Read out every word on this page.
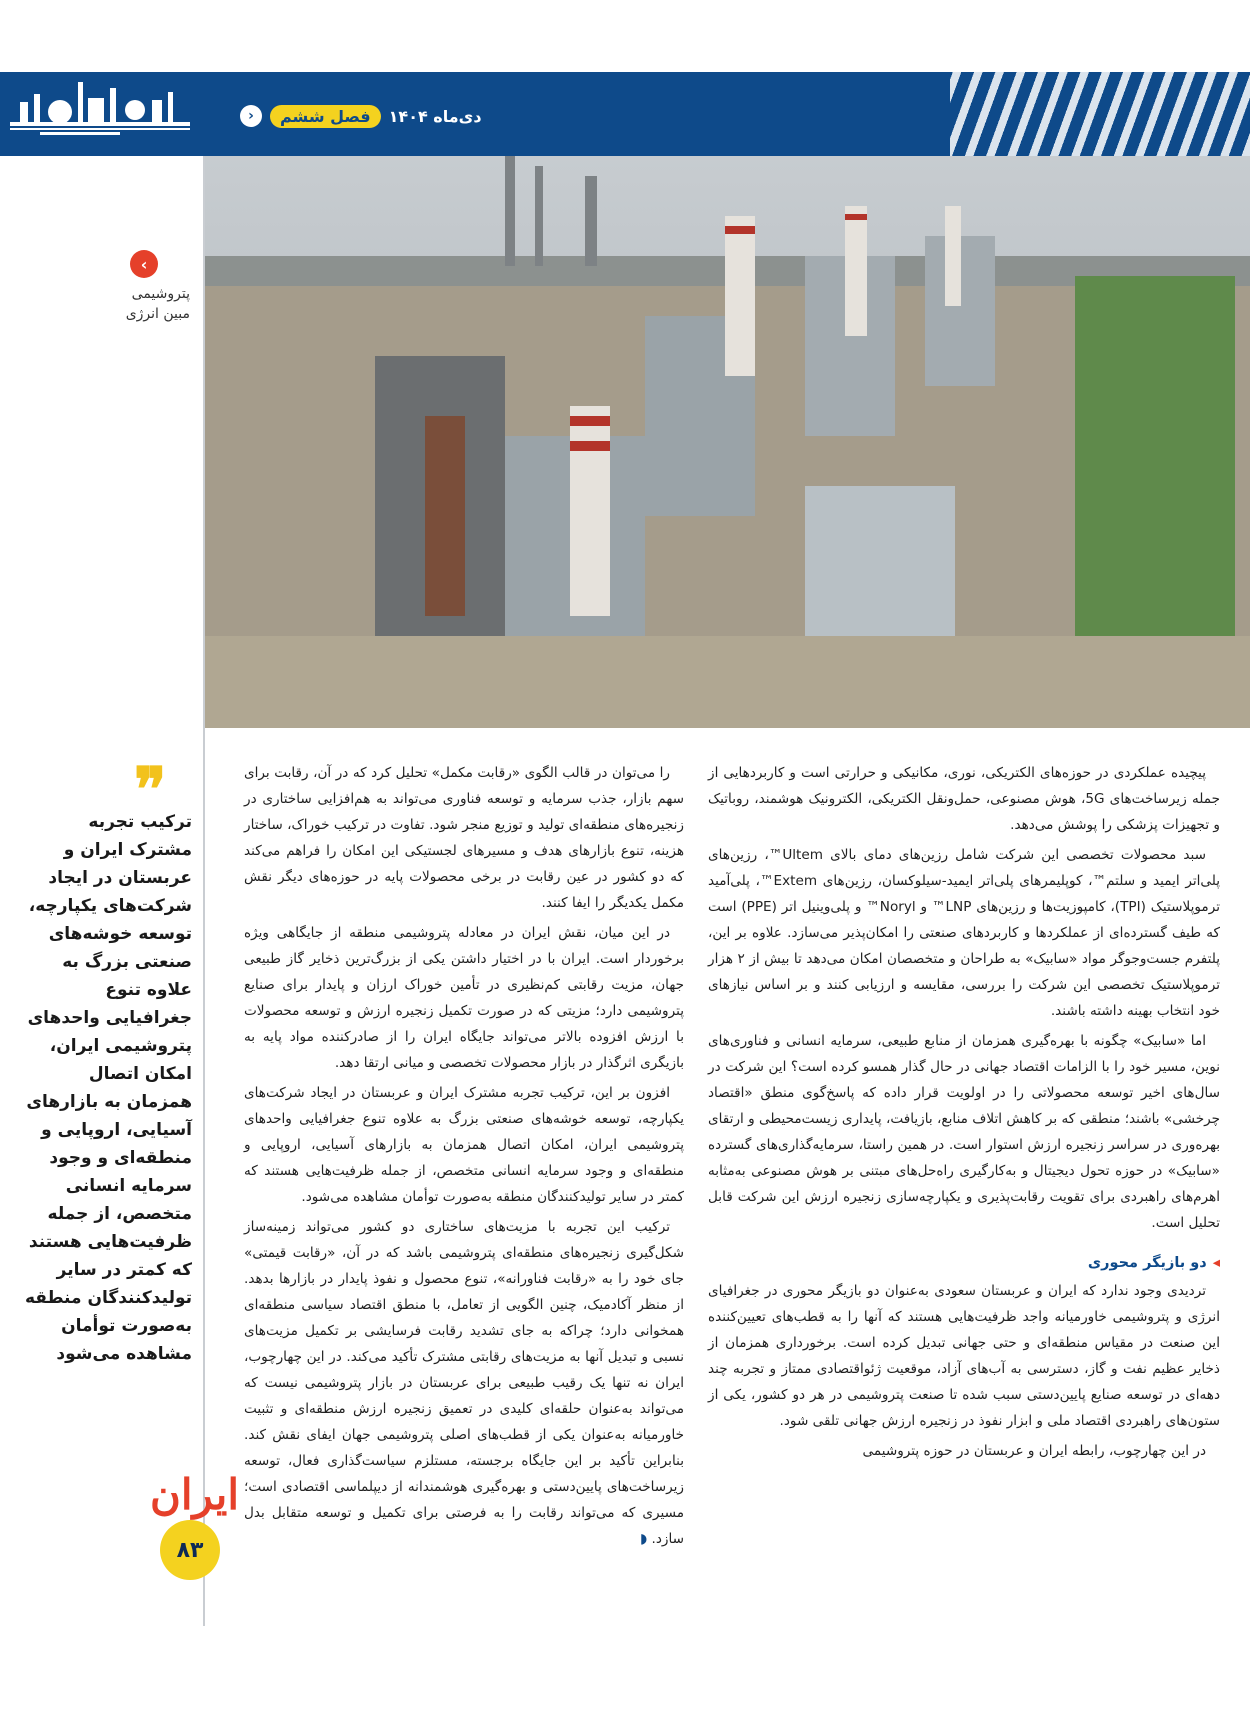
دی‌ماه ۱۴۰۴
فصل ششم
‹
‹
پتروشیمی
مبین انرژی
❞
ترکیب تجربه مشترک ایران و عربستان در ایجاد شرکت‌های یکپارچه، توسعه خوشه‌های صنعتی بزرگ به علاوه تنوع جغرافیایی واحدهای پتروشیمی ایران، امکان اتصال همزمان به بازارهای آسیایی، اروپایی و منطقه‌ای و وجود سرمایه انسانی متخصص، از جمله ظرفیت‌هایی هستند که کمتر در سایر تولیدکنندگان منطقه به‌صورت توأمان مشاهده می‌شود
ایران
۸۳

پیچیده عملکردی در حوزه‌های الکتریکی، نوری، مکانیکی و حرارتی است و کاربردهایی از جمله زیرساخت‌های 5G، هوش مصنوعی، حمل‌ونقل الکتریکی، الکترونیک هوشمند، روباتیک و تجهیزات پزشکی را پوشش می‌دهد.

سبد محصولات تخصصی این شرکت شامل رزین‌های دمای بالای Ultem™، رزین‌های پلی‌اتر ایمید و سلتم™، کوپلیمرهای پلی‌اتر ایمید-سیلوکسان، رزین‌های Extem™، پلی‌آمید ترموپلاستیک (TPI)، کامپوزیت‌ها و رزین‌های LNP™ و Noryl™ و پلی‌وینیل اتر (PPE) است که طیف گسترده‌ای از عملکردها و کاربردهای صنعتی را امکان‌پذیر می‌سازد. علاوه بر این، پلتفرم جست‌وجوگر مواد «سابیک» به طراحان و متخصصان امکان می‌دهد تا بیش از ۲ هزار ترموپلاستیک تخصصی این شرکت را بررسی، مقایسه و ارزیابی کنند و بر اساس نیازهای خود انتخاب بهینه داشته باشند.

اما «سابیک» چگونه با بهره‌گیری همزمان از منابع طبیعی، سرمایه انسانی و فناوری‌های نوین، مسیر خود را با الزامات اقتصاد جهانی در حال گذار همسو کرده است؟ این شرکت در سال‌های اخیر توسعه محصولاتی را در اولویت قرار داده که پاسخ‌گوی منطق «اقتصاد چرخشی» باشند؛ منطقی که بر کاهش اتلاف منابع، بازیافت، پایداری زیست‌محیطی و ارتقای بهره‌وری در سراسر زنجیره ارزش استوار است. در همین راستا، سرمایه‌گذاری‌های گسترده «سابیک» در حوزه تحول دیجیتال و به‌کارگیری راه‌حل‌های مبتنی بر هوش مصنوعی به‌مثابه اهرم‌های راهبردی برای تقویت رقابت‌پذیری و یکپارچه‌سازی زنجیره ارزش این شرکت قابل تحلیل است.

◂دو بازیگر محوری

تردیدی وجود ندارد که ایران و عربستان سعودی به‌عنوان دو بازیگر محوری در جغرافیای انرژی و پتروشیمی خاورمیانه واجد ظرفیت‌هایی هستند که آنها را به قطب‌های تعیین‌کننده این صنعت در مقیاس منطقه‌ای و حتی جهانی تبدیل کرده است. برخورداری همزمان از ذخایر عظیم نفت و گاز، دسترسی به آب‌های آزاد، موقعیت ژئواقتصادی ممتاز و تجربه چند دهه‌ای در توسعه صنایع پایین‌دستی سبب شده تا صنعت پتروشیمی در هر دو کشور، یکی از ستون‌های راهبردی اقتصاد ملی و ابزار نفوذ در زنجیره ارزش جهانی تلقی شود.

در این چهارچوب، رابطه ایران و عربستان در حوزه پتروشیمی

را می‌توان در قالب الگوی «رقابت مکمل» تحلیل کرد که در آن، رقابت برای سهم بازار، جذب سرمایه و توسعه فناوری می‌تواند به هم‌افزایی ساختاری در زنجیره‌های منطقه‌ای تولید و توزیع منجر شود. تفاوت در ترکیب خوراک، ساختار هزینه، تنوع بازارهای هدف و مسیرهای لجستیکی این امکان را فراهم می‌کند که دو کشور در عین رقابت در برخی محصولات پایه در حوزه‌های دیگر نقش مکمل یکدیگر را ایفا کنند.

در این میان، نقش ایران در معادله پتروشیمی منطقه از جایگاهی ویژه برخوردار است. ایران با در اختیار داشتن یکی از بزرگ‌ترین ذخایر گاز طبیعی جهان، مزیت رقابتی کم‌نظیری در تأمین خوراک ارزان و پایدار برای صنایع پتروشیمی دارد؛ مزیتی که در صورت تکمیل زنجیره ارزش و توسعه محصولات با ارزش افزوده بالاتر می‌تواند جایگاه ایران را از صادرکننده مواد پایه به بازیگری اثرگذار در بازار محصولات تخصصی و میانی ارتقا دهد.

افزون بر این، ترکیب تجربه مشترک ایران و عربستان در ایجاد شرکت‌های یکپارچه، توسعه خوشه‌های صنعتی بزرگ به علاوه تنوع جغرافیایی واحدهای پتروشیمی ایران، امکان اتصال همزمان به بازارهای آسیایی، اروپایی و منطقه‌ای و وجود سرمایه انسانی متخصص، از جمله ظرفیت‌هایی هستند که کمتر در سایر تولیدکنندگان منطقه به‌صورت توأمان مشاهده می‌شود.

ترکیب این تجربه با مزیت‌های ساختاری دو کشور می‌تواند زمینه‌ساز شکل‌گیری زنجیره‌های منطقه‌ای پتروشیمی باشد که در آن، «رقابت قیمتی» جای خود را به «رقابت فناورانه»، تنوع محصول و نفوذ پایدار در بازارها بدهد. از منظر آکادمیک، چنین الگویی از تعامل، با منطق اقتصاد سیاسی منطقه‌ای همخوانی دارد؛ چراکه به جای تشدید رقابت فرسایشی بر تکمیل مزیت‌های نسبی و تبدیل آنها به مزیت‌های رقابتی مشترک تأکید می‌کند. در این چهارچوب، ایران نه تنها یک رقیب طبیعی برای عربستان در بازار پتروشیمی نیست که می‌تواند به‌عنوان حلقه‌ای کلیدی در تعمیق زنجیره ارزش منطقه‌ای و تثبیت خاورمیانه به‌عنوان یکی از قطب‌های اصلی پتروشیمی جهان ایفای نقش کند. بنابراین تأکید بر این جایگاه برجسته، مستلزم سیاست‌گذاری فعال، توسعه زیرساخت‌های پایین‌دستی و بهره‌گیری هوشمندانه از دیپلماسی اقتصادی است؛ مسیری که می‌تواند رقابت را به فرصتی برای تکمیل و توسعه متقابل بدل سازد. ◗
